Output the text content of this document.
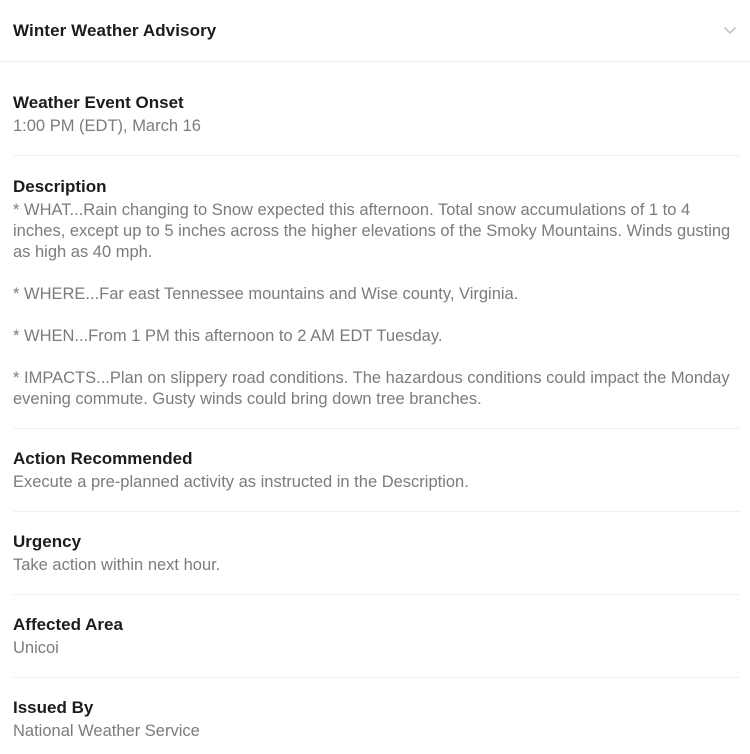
Winter Weather Advisory
Weather Event Onset
1:00 PM (EDT), March 16
Description
* WHAT...Rain changing to Snow expected this afternoon. Total snow accumulations of 1 to 4 inches, except up to 5 inches across the higher elevations of the Smoky Mountains. Winds gusting as high as 40 mph.
* WHERE...Far east Tennessee mountains and Wise county, Virginia.
* WHEN...From 1 PM this afternoon to 2 AM EDT Tuesday.
* IMPACTS...Plan on slippery road conditions. The hazardous conditions could impact the Monday evening commute. Gusty winds could bring down tree branches.
Action Recommended
Execute a pre-planned activity as instructed in the Description.
Urgency
Take action within next hour.
Affected Area
Unicoi
Issued By
National Weather Service
